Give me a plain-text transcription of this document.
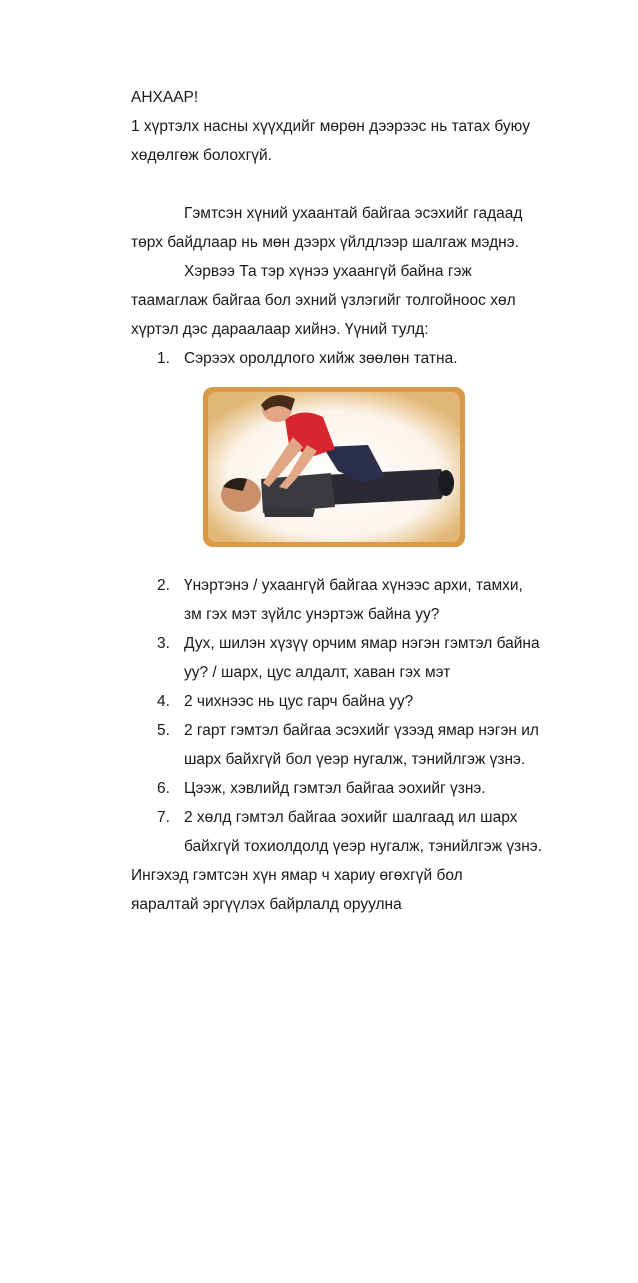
АНХААР!
1 хүртэлх насны хүүхдийг мөрөн дээрээс нь татах буюу
хөдөлгөж болохгүй.
Гэмтсэн хүний ухаантай байгаа эсэхийг гадаад
төрх байдлаар нь мөн дээрх үйлдлээр шалгаж мэднэ.
Хэрвээ Та тэр хүнээ ухаангүй байна гэж
таамаглаж байгаа бол эхний үзлэгийг толгойноос хөл
хүртэл дэс дараалаар хийнэ. Үүний тулд:
1. Сэрээх оролдлого хийж зөөлөн татна.
2. Үнэртэнэ / ухаангүй байгаа хүнээс архи, тамхи,
зм гэх мэт зүйлс унэртэж байна уу?
3. Дух, шилэн хүзүү орчим ямар нэгэн гэмтэл байна
уу? / шарх, цус алдалт, хаван гэх мэт
4. 2 чихнээс нь цус гарч байна уу?
5. 2 гарт гэмтэл байгаа эсэхийг үзээд ямар нэгэн ил
шарх байхгүй бол үеэр нугалж, тэнийлгэж үзнэ.
6. Цээж, хэвлийд гэмтэл байгаа эохийг үзнэ.
7. 2 хөлд гэмтэл байгаа эохийг шалгаад ил шарх
байхгүй тохиолдолд үеэр нугалж, тэнийлгэж үзнэ.
Ингэхэд гэмтсэн хүн ямар ч хариу өгөхгүй бол
яаралтай эргүүлэх байрлалд оруулна
